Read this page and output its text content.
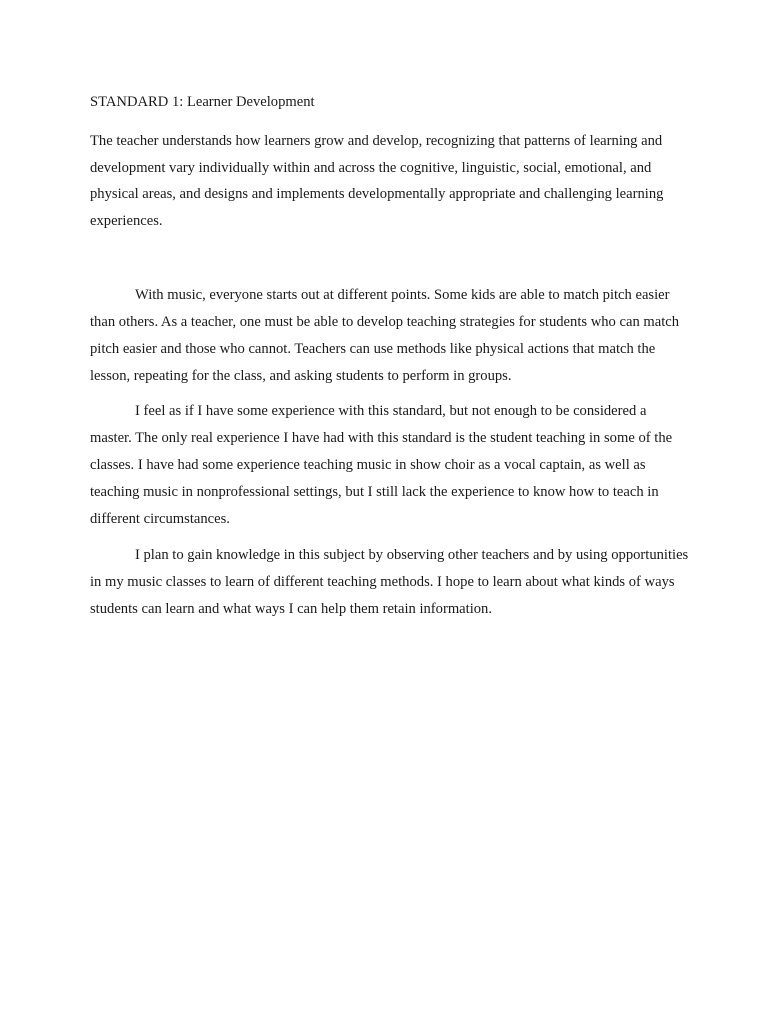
STANDARD 1: Learner Development

The teacher understands how learners grow and develop, recognizing that patterns of learning and development vary individually within and across the cognitive, linguistic, social, emotional, and physical areas, and designs and implements developmentally appropriate and challenging learning experiences.

With music, everyone starts out at different points. Some kids are able to match pitch easier than others. As a teacher, one must be able to develop teaching strategies for students who can match pitch easier and those who cannot. Teachers can use methods like physical actions that match the lesson, repeating for the class, and asking students to perform in groups.

I feel as if I have some experience with this standard, but not enough to be considered a master. The only real experience I have had with this standard is the student teaching in some of the classes. I have had some experience teaching music in show choir as a vocal captain, as well as teaching music in nonprofessional settings, but I still lack the experience to know how to teach in different circumstances.

I plan to gain knowledge in this subject by observing other teachers and by using opportunities in my music classes to learn of different teaching methods. I hope to learn about what kinds of ways students can learn and what ways I can help them retain information.
